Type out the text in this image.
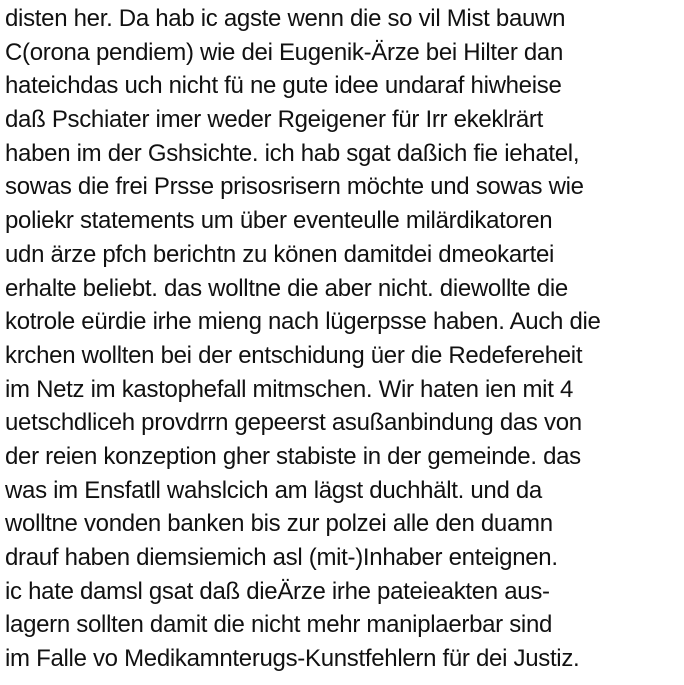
disten her. Da hab ic agste wenn die so vil Mist bauwn
C(orona pendiem) wie dei Eugenik-Ärze bei Hilter dan
hateichdas uch nicht fü ne gute idee undaraf hiwheise
daß Pschiater imer weder Rgeigener für Irr ekeklrärt
haben im der Gshsichte. ich hab sgat daßich fie iehatel,
sowas die frei Prsse prisosrisern möchte und sowas wie
poliekr statements um über eventeulle milärdikatoren
udn ärze pfch berichtn zu könen damitdei dmeokartei
erhalte beliebt. das wolltne die aber nicht. diewollte die
kotrole eürdie irhe mieng nach lügerpsse haben. Auch die
krchen wollten bei der entschidung üer die Redefereheit
im Netz im kastophefall mitmschen. Wir haten ien mit 4
uetschdliceh provdrrn gepeerst asußanbindung das von
der reien konzeption gher stabiste in der gemeinde. das
was im Ensfatll wahslcich am lägst duchhält. und da
wolltne vonden banken bis zur polzei alle den duamn
drauf haben diemsiemich asl (mit-)Inhaber enteignen.
ic hate damsl gsat daß dieÄrze irhe pateieakten aus-
lagern sollten damit die nicht mehr maniplaerbar sind
im Falle vo Medikamnterugs-Kunstfehlern für dei Justiz.
